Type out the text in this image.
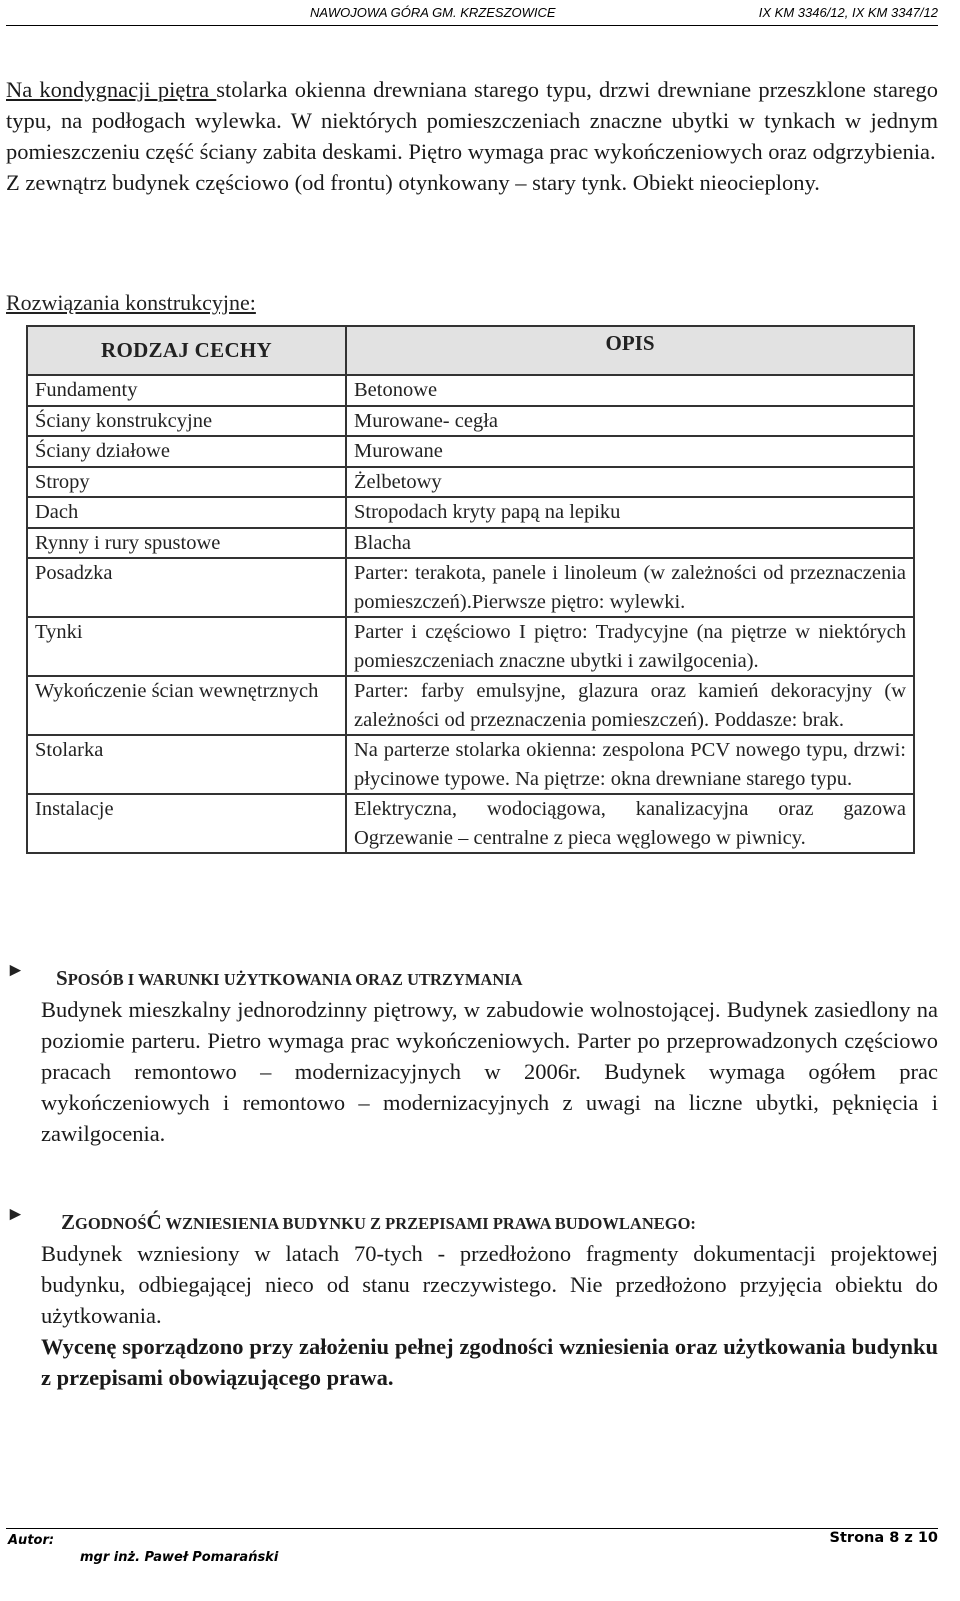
NAWOJOWA GÓRA GM. KRZESZOWICE	IX KM 3346/12, IX KM 3347/12

Na kondygnacji piętra stolarka okienna drewniana starego typu, drzwi drewniane przeszklone starego typu, na podłogach wylewka. W niektórych pomieszczeniach znaczne ubytki w tynkach w jednym pomieszczeniu część ściany zabita deskami. Piętro wymaga prac wykończeniowych oraz odgrzybienia.

Z zewnątrz budynek częściowo (od frontu) otynkowany – stary tynk. Obiekt nieocieplony.

Rozwiązania konstrukcyjne:
RODZAJ CECHY	OPIS
Fundamenty	Betonowe
Ściany konstrukcyjne	Murowane- cegła
Ściany działowe	Murowane
Stropy	Żelbetowy
Dach	Stropodach kryty papą na lepiku
Rynny i rury spustowe	Blacha
Posadzka	Parter: terakota, panele i linoleum (w zależności od przeznaczenia pomieszczeń).Pierwsze piętro: wylewki.
Tynki	Parter i częściowo I piętro: Tradycyjne (na piętrze w niektórych pomieszczeniach znaczne ubytki i zawilgocenia).
Wykończenie ścian wewnętrznych	Parter: farby emulsyjne, glazura oraz kamień dekoracyjny (w zależności od przeznaczenia pomieszczeń). Poddasze: brak.
Stolarka	Na parterze stolarka okienna: zespolona PCV nowego typu, drzwi: płycinowe typowe. Na piętrze: okna drewniane starego typu.
Instalacje	Elektryczna, wodociągowa, kanalizacyjna oraz gazowa Ogrzewanie – centralne z pieca węglowego w piwnicy.
► SPOSÓB I WARUNKI UŻYTKOWANIA ORAZ UTRZYMANIA
Budynek mieszkalny jednorodzinny piętrowy, w zabudowie wolnostojącej. Budynek zasiedlony na poziomie parteru. Pietro wymaga prac wykończeniowych. Parter po przeprowadzonych częściowo pracach remontowo – modernizacyjnych w 2006r. Budynek wymaga ogółem prac wykończeniowych i remontowo – modernizacyjnych z uwagi na liczne ubytki, pęknięcia i zawilgocenia.
► ZGODNOŚĆ WZNIESIENIA BUDYNKU Z PRZEPISAMI PRAWA BUDOWLANEGO:
Budynek wzniesiony w latach 70-tych - przedłożono fragmenty dokumentacji projektowej budynku, odbiegającej nieco od stanu rzeczywistego. Nie przedłożono przyjęcia obiektu do użytkowania.
Wycenę sporządzono przy założeniu pełnej zgodności wzniesienia oraz użytkowania budynku z przepisami obowiązującego prawa.
Autor:
mgr inż. Paweł Pomarański
Strona 8 z 10
